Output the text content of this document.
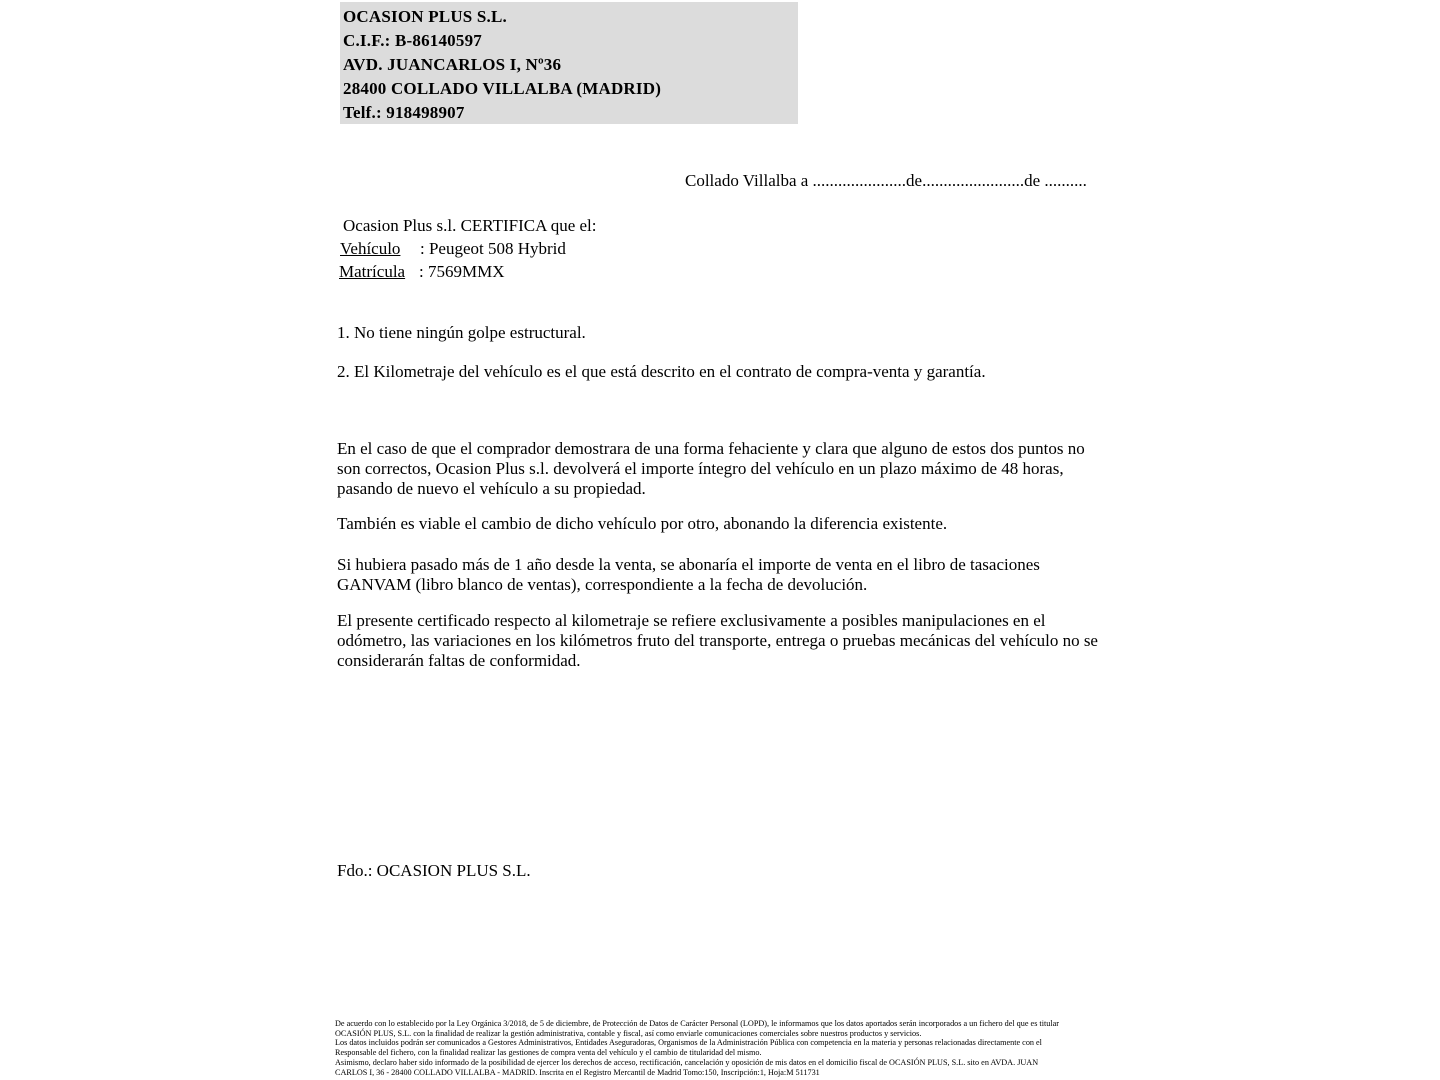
OCASION PLUS S.L.
C.I.F.: B-86140597
AVD. JUANCARLOS I, Nº36
28400 COLLADO VILLALBA (MADRID)
Telf.: 918498907
Collado Villalba a ......................de........................de ..........
Ocasion Plus s.l. CERTIFICA que el:
Vehículo : Peugeot 508 Hybrid
Matrícula : 7569MMX
1. No tiene ningún golpe estructural.
2. El Kilometraje del vehículo es el que está descrito en el contrato de compra-venta y garantía.
En el caso de que el comprador demostrara de una forma fehaciente y clara que alguno de estos dos puntos no son correctos, Ocasion Plus s.l. devolverá el importe íntegro del vehículo en un plazo máximo de 48 horas, pasando de nuevo el vehículo a su propiedad.
También es viable el cambio de dicho vehículo por otro, abonando la diferencia existente.
Si hubiera pasado más de 1 año desde la venta, se abonaría el importe de venta en el libro de tasaciones GANVAM (libro blanco de ventas), correspondiente a la fecha de devolución.
El presente certificado respecto al kilometraje se refiere exclusivamente a posibles manipulaciones en el odómetro, las variaciones en los kilómetros fruto del transporte, entrega o pruebas mecánicas del vehículo no se considerarán faltas de conformidad.
Fdo.: OCASION PLUS S.L.
De acuerdo con lo establecido por la Ley Orgánica 3/2018, de 5 de diciembre, de Protección de Datos de Carácter Personal (LOPD), le informamos que los datos aportados serán incorporados a un fichero del que es titular
OCASIÓN PLUS, S.L. con la finalidad de realizar la gestión administrativa, contable y fiscal, así como enviarle comunicaciones comerciales sobre nuestros productos y servicios.
Los datos incluidos podrán ser comunicados a Gestores Administrativos, Entidades Aseguradoras, Organismos de la Administración Pública con competencia en la materia y personas relacionadas directamente con el
Responsable del fichero, con la finalidad realizar las gestiones de compra venta del vehículo y el cambio de titularidad del mismo.
Asimismo, declaro haber sido informado de la posibilidad de ejercer los derechos de acceso, rectificación, cancelación y oposición de mis datos en el domicilio fiscal de OCASIÓN PLUS, S.L. sito en AVDA. JUAN
CARLOS I, 36 - 28400 COLLADO VILLALBA - MADRID. Inscrita en el Registro Mercantil de Madrid Tomo:150, Inscripción:1, Hoja:M 511731
